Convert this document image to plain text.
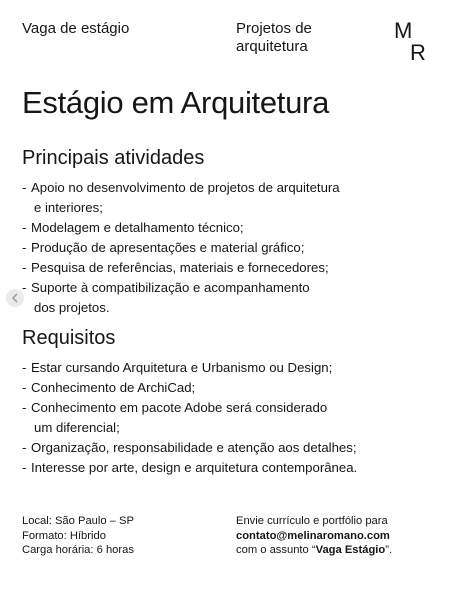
Vaga de estágio	Projetos de
arquitetura
M
R
Estágio em Arquitetura
Principais atividades
- Apoio no desenvolvimento de projetos de arquitetura
e interiores;
- Modelagem e detalhamento técnico;
- Produção de apresentações e material gráfico;
- Pesquisa de referências, materiais e fornecedores;
- Suporte à compatibilização e acompanhamento
dos projetos.
Requisitos
- Estar cursando Arquitetura e Urbanismo ou Design;
- Conhecimento de ArchiCad;
- Conhecimento em pacote Adobe será considerado
um diferencial;
- Organização, responsabilidade e atenção aos detalhes;
- Interesse por arte, design e arquitetura contemporânea.
Local: São Paulo – SP
Formato: Híbrido
Carga horária: 6 horas
Envie currículo e portfólio para
contato@melinaromano.com
com o assunto “Vaga Estágio”.
